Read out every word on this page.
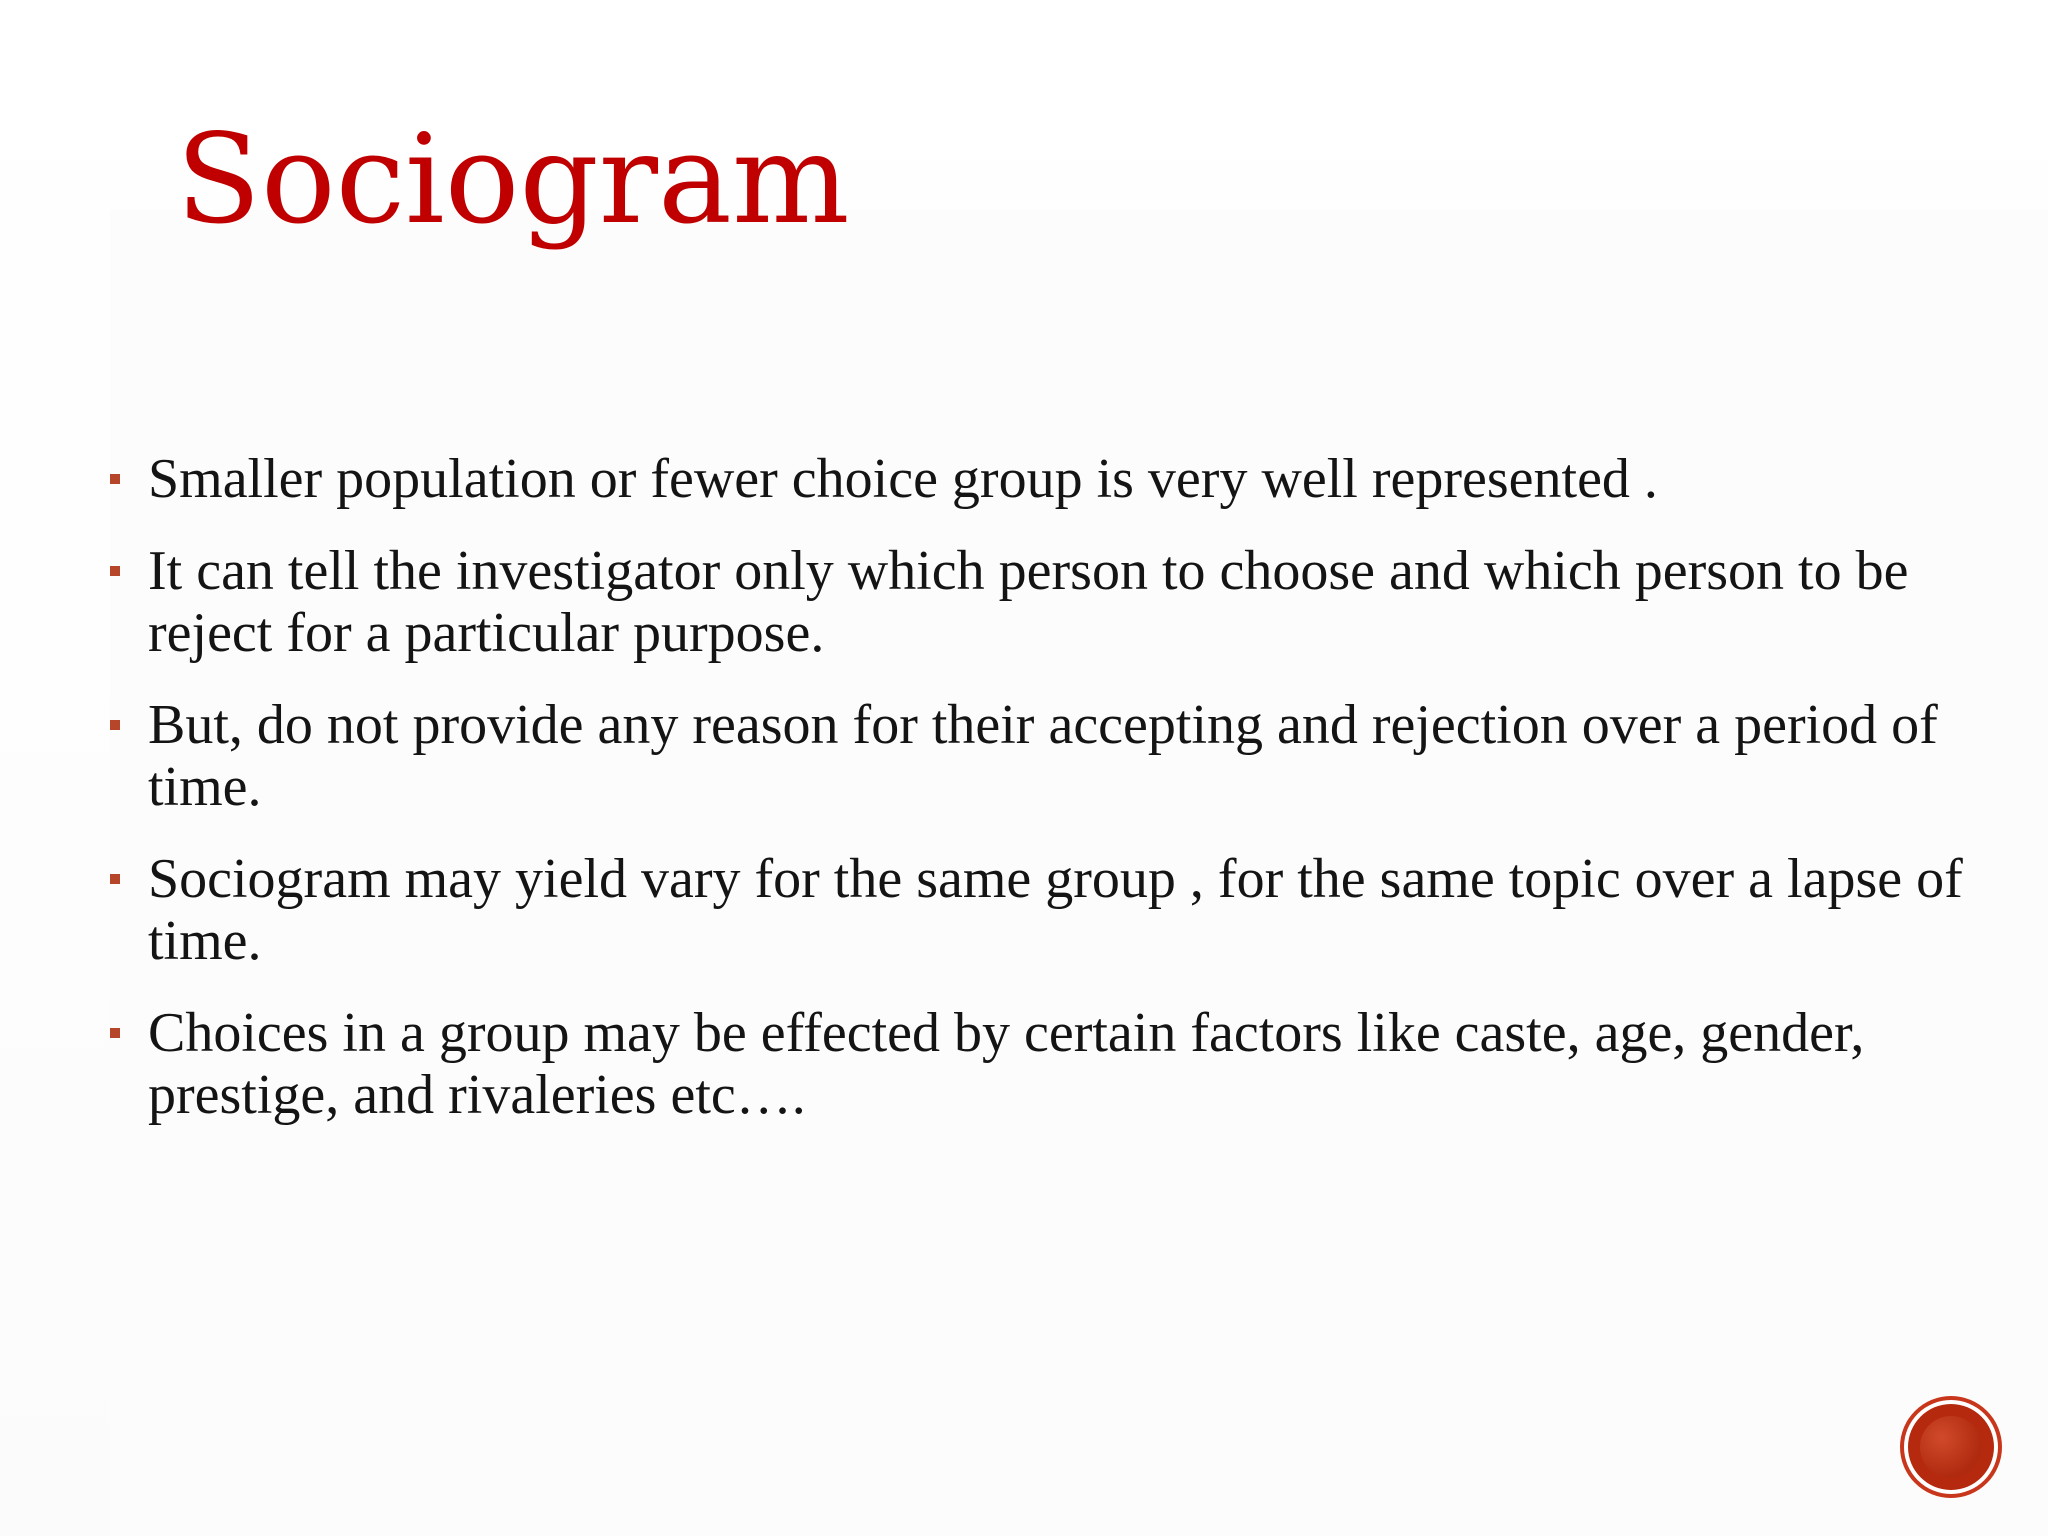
Sociogram
Smaller population or fewer choice group is very well represented .
It can tell the investigator only which person to choose and which person to be reject for a particular purpose.
But, do not provide any reason for their accepting and rejection over a period of time.
Sociogram may yield vary for the same group , for the same topic over a lapse of time.
Choices in a group may be effected by certain factors like caste, age, gender, prestige, and rivaleries etc….
